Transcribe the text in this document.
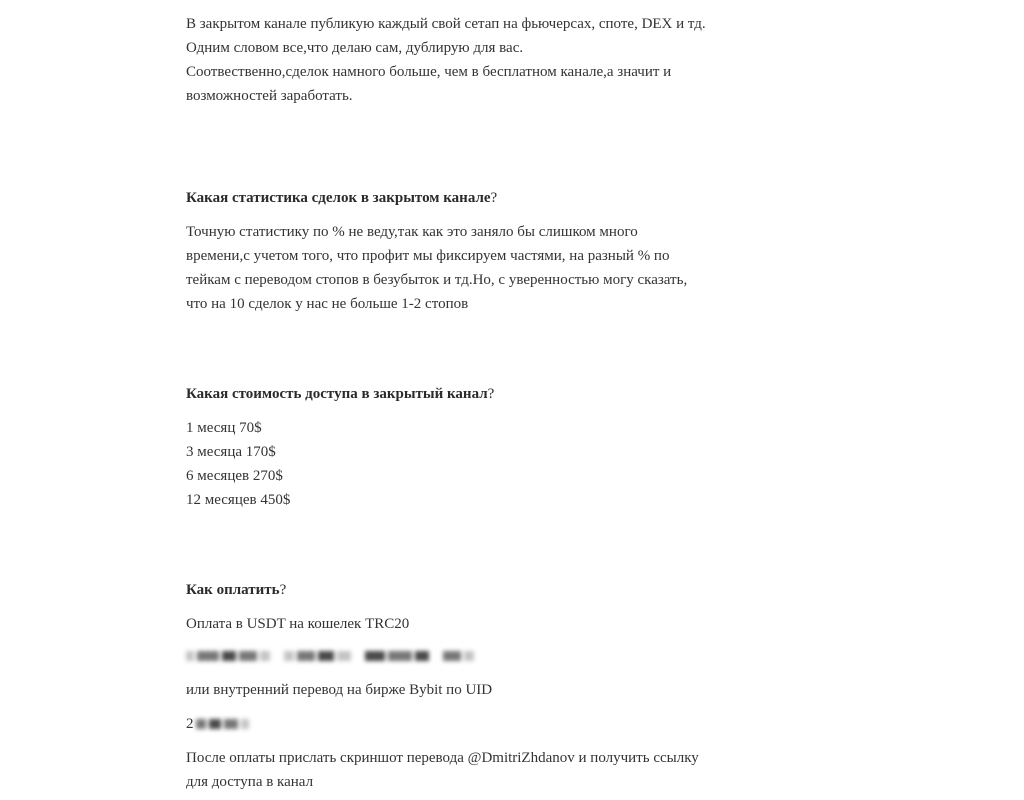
В закрытом канале публикую каждый свой сетап на фьючерсах, споте, DEX и тд.

Одним словом все,что делаю сам, дублирую для вас.

Соотвественно,сделок намного больше, чем в бесплатном канале,а значит и

возможностей заработать.

Какая статистика сделок в закрытом канале?

Точную статистику по % не веду,так как это заняло бы слишком много

времени,с учетом того, что профит мы фиксируем частями, на разный % по

тейкам с переводом стопов в безубыток и тд.Но, с уверенностью могу сказать,

что на 10 сделок у нас не больше 1-2 стопов

Какая стоимость доступа в закрытый канал?

1 месяц 70$
3 месяца 170$
6 месяцев 270$
12 месяцев 450$

Как оплатить?

Оплата в USDT на кошелек TRC20

или внутренний перевод на бирже Bybit по UID

2

После оплаты прислать скриншот перевода @DmitriZhdanov и получить ссылку

для доступа в канал
